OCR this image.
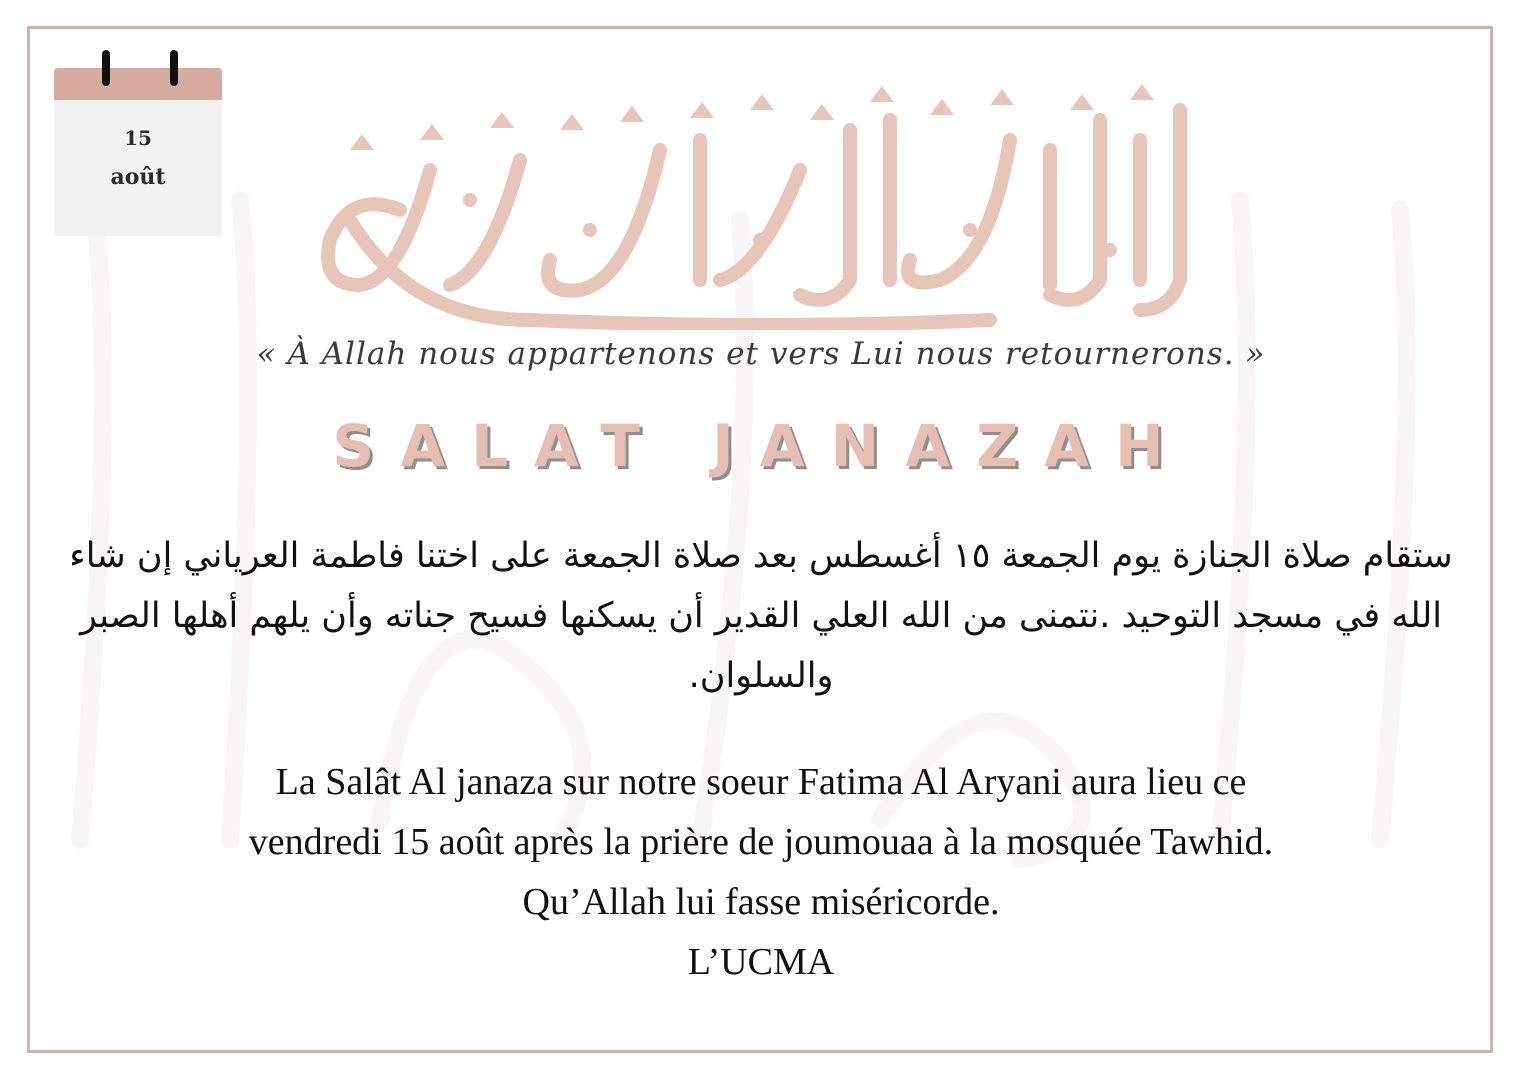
15
août
« À Allah nous appartenons et vers Lui nous retournerons. »
SALAT JANAZAH
ستقام صلاة الجنازة يوم الجمعة ١٥ أغسطس بعد صلاة الجمعة على اختنا فاطمة العرياني إن شاء الله في مسجد التوحيد .نتمنى من الله العلي القدير أن يسكنها فسيح جناته وأن يلهم أهلها الصبر والسلوان.
La Salât Al janaza sur notre soeur Fatima Al Aryani aura lieu ce
vendredi 15 août après la prière de joumouaa à la mosquée Tawhid.
Qu’Allah lui fasse miséricorde.
L’UCMA
